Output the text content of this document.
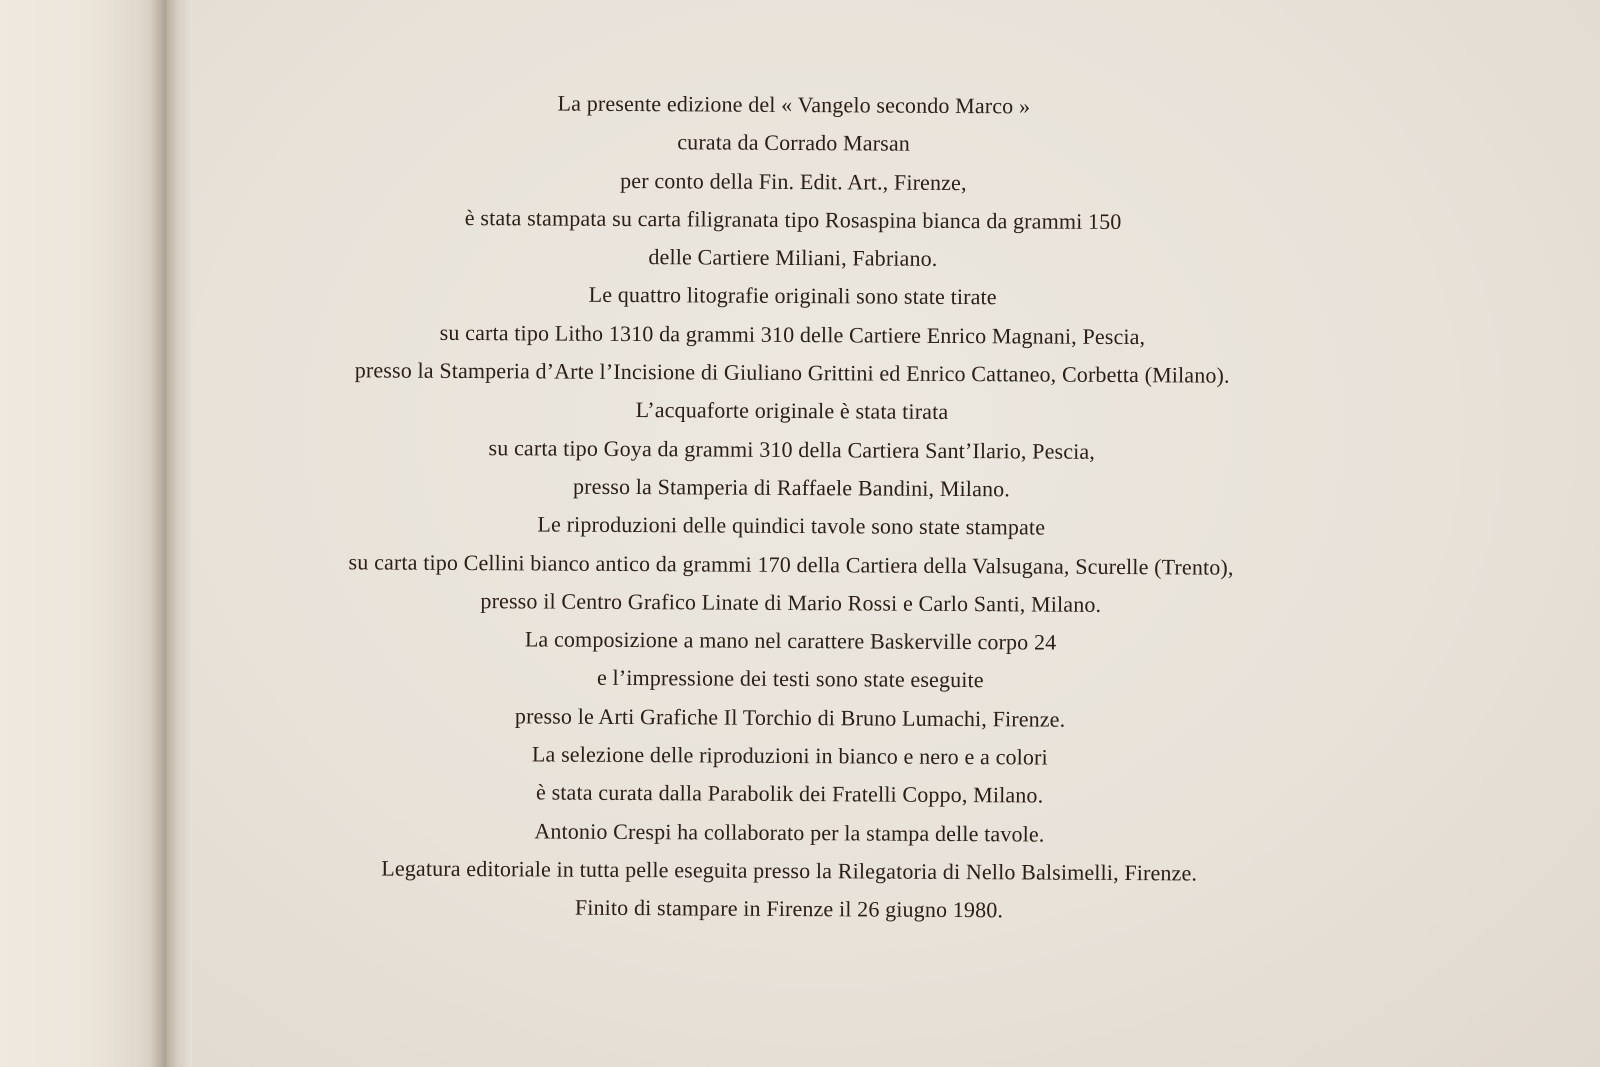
La presente edizione del « Vangelo secondo Marco »
curata da Corrado Marsan
per conto della Fin. Edit. Art., Firenze,
è stata stampata su carta filigranata tipo Rosaspina bianca da grammi 150
delle Cartiere Miliani, Fabriano.
Le quattro litografie originali sono state tirate
su carta tipo Litho 1310 da grammi 310 delle Cartiere Enrico Magnani, Pescia,
presso la Stamperia d’Arte l’Incisione di Giuliano Grittini ed Enrico Cattaneo, Corbetta (Milano).
L’acquaforte originale è stata tirata
su carta tipo Goya da grammi 310 della Cartiera Sant’Ilario, Pescia,
presso la Stamperia di Raffaele Bandini, Milano.
Le riproduzioni delle quindici tavole sono state stampate
su carta tipo Cellini bianco antico da grammi 170 della Cartiera della Valsugana, Scurelle (Trento),
presso il Centro Grafico Linate di Mario Rossi e Carlo Santi, Milano.
La composizione a mano nel carattere Baskerville corpo 24
e l’impressione dei testi sono state eseguite
presso le Arti Grafiche Il Torchio di Bruno Lumachi, Firenze.
La selezione delle riproduzioni in bianco e nero e a colori
è stata curata dalla Parabolik dei Fratelli Coppo, Milano.
Antonio Crespi ha collaborato per la stampa delle tavole.
Legatura editoriale in tutta pelle eseguita presso la Rilegatoria di Nello Balsimelli, Firenze.
Finito di stampare in Firenze il 26 giugno 1980.
